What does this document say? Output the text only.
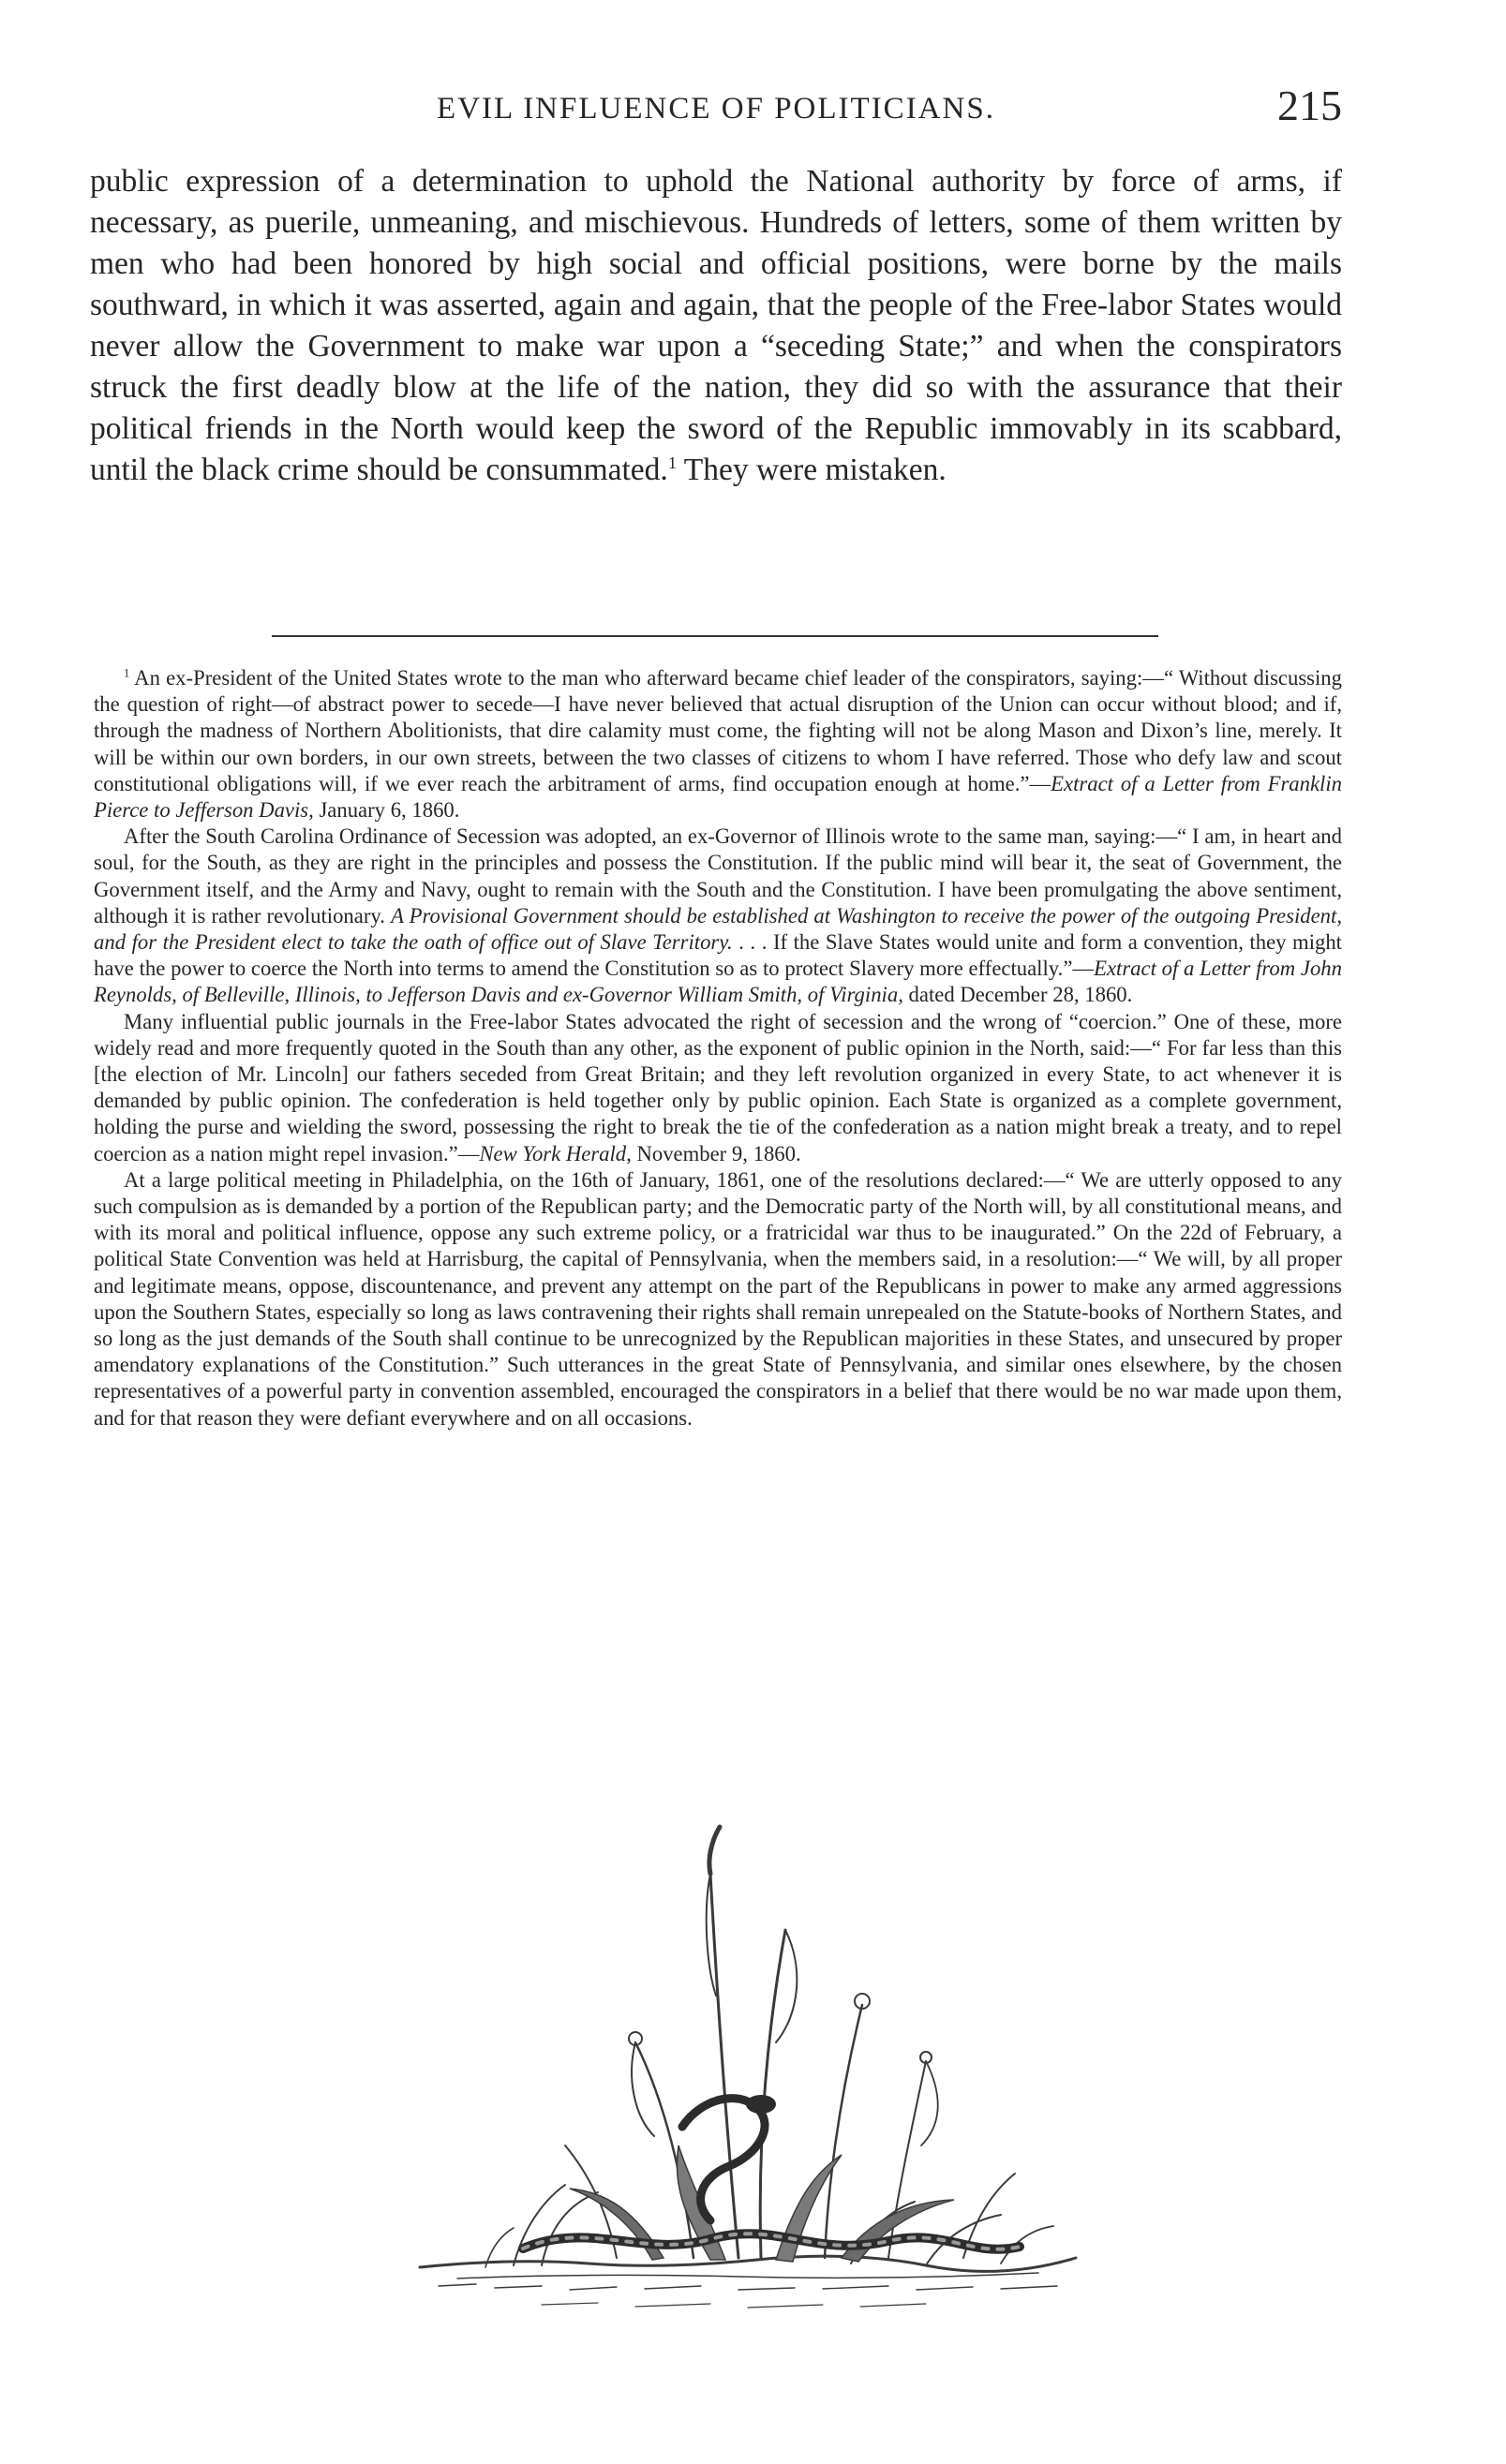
EVIL INFLUENCE OF POLITICIANS.	215

public expression of a determination to uphold the National authority by force of arms, if necessary, as puerile, unmeaning, and mischievous. Hundreds of letters, some of them written by men who had been honored by high social and official positions, were borne by the mails southward, in which it was asserted, again and again, that the people of the Free-labor States would never allow the Government to make war upon a “seceding State;” and when the conspirators struck the first deadly blow at the life of the nation, they did so with the assurance that their political friends in the North would keep the sword of the Republic immovably in its scabbard, until the black crime should be consummated.$^1$ They were mistaken.

$^1$ An ex-President of the United States wrote to the man who afterward became chief leader of the conspirators, saying:—“ Without discussing the question of right—of abstract power to secede—I have never believed that actual disruption of the Union can occur without blood; and if, through the madness of Northern Abolitionists, that dire calamity must come, the fighting will not be along Mason and Dixon’s line, merely. It will be within our own borders, in our own streets, between the two classes of citizens to whom I have referred. Those who defy law and scout constitutional obligations will, if we ever reach the arbitrament of arms, find occupation enough at home.”—Extract of a Letter from Franklin Pierce to Jefferson Davis, January 6, 1860.

After the South Carolina Ordinance of Secession was adopted, an ex-Governor of Illinois wrote to the same man, saying:—“ I am, in heart and soul, for the South, as they are right in the principles and possess the Constitution. If the public mind will bear it, the seat of Government, the Government itself, and the Army and Navy, ought to remain with the South and the Constitution. I have been promulgating the above sentiment, although it is rather revolutionary. A Provisional Government should be established at Washington to receive the power of the outgoing President, and for the President elect to take the oath of office out of Slave Territory. . . . If the Slave States would unite and form a convention, they might have the power to coerce the North into terms to amend the Constitution so as to protect Slavery more effectually.”—Extract of a Letter from John Reynolds, of Belleville, Illinois, to Jefferson Davis and ex-Governor William Smith, of Virginia, dated December 28, 1860.

Many influential public journals in the Free-labor States advocated the right of secession and the wrong of “coercion.” One of these, more widely read and more frequently quoted in the South than any other, as the exponent of public opinion in the North, said:—“ For far less than this [the election of Mr. Lincoln] our fathers seceded from Great Britain; and they left revolution organized in every State, to act whenever it is demanded by public opinion. The confederation is held together only by public opinion. Each State is organized as a complete government, holding the purse and wielding the sword, possessing the right to break the tie of the confederation as a nation might break a treaty, and to repel coercion as a nation might repel invasion.”—New York Herald, November 9, 1860.

At a large political meeting in Philadelphia, on the 16th of January, 1861, one of the resolutions declared:—“ We are utterly opposed to any such compulsion as is demanded by a portion of the Republican party; and the Democratic party of the North will, by all constitutional means, and with its moral and political influence, oppose any such extreme policy, or a fratricidal war thus to be inaugurated.” On the 22d of February, a political State Convention was held at Harrisburg, the capital of Pennsylvania, when the members said, in a resolution:—“ We will, by all proper and legitimate means, oppose, discountenance, and prevent any attempt on the part of the Republicans in power to make any armed aggressions upon the Southern States, especially so long as laws contravening their rights shall remain unrepealed on the Statute-books of Northern States, and so long as the just demands of the South shall continue to be unrecognized by the Republican majorities in these States, and unsecured by proper amendatory explanations of the Constitution.” Such utterances in the great State of Pennsylvania, and similar ones elsewhere, by the chosen representatives of a powerful party in convention assembled, encouraged the conspirators in a belief that there would be no war made upon them, and for that reason they were defiant everywhere and on all occasions.
